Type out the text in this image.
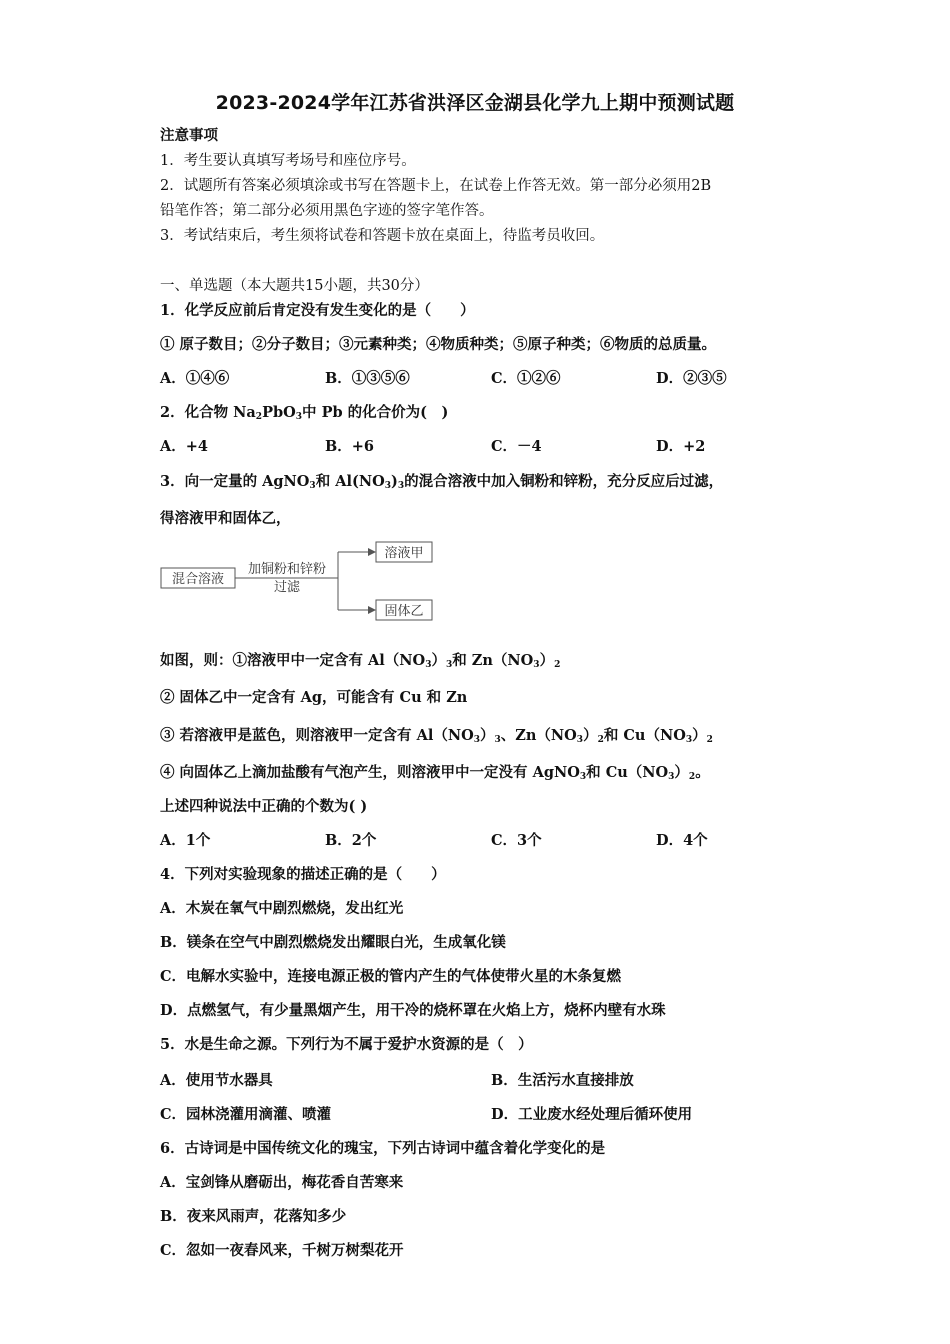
2023-2024学年江苏省洪泽区金湖县化学九上期中预测试题
注意事项
1．考生要认真填写考场号和座位序号。
2．试题所有答案必须填涂或书写在答题卡上，在试卷上作答无效。第一部分必须用2B
铅笔作答；第二部分必须用黑色字迹的签字笔作答。
3．考试结束后，考生须将试卷和答题卡放在桌面上，待监考员收回。
一、单选题（本大题共15小题，共30分）
1．化学反应前后肯定没有发生变化的是（　　）
① 原子数目；②分子数目；③元素种类；④物质种类；⑤原子种类；⑥物质的总质量。
A．①④⑥	B．①③⑤⑥	C．①②⑥	D．②③⑤
2．化合物 $Na_2PbO_3$中 Pb 的化合价为(　)
A．+4	B．+6	C．－4	D．+2
3．向一定量的 AgNO$_3$和 $Al(NO_3)_3$的混合溶液中加入铜粉和锌粉，充分反应后过滤，
得溶液甲和固体乙，
混合溶液
加铜粉和锌粉
过滤
溶液甲
固体乙
如图，则：①溶液甲中一定含有 $Al(NO_3)_3$和 $Zn(NO_3)_2$
② 固体乙中一定含有 Ag，可能含有 Cu 和 Zn
③ 若溶液甲是蓝色，则溶液甲一定含有 $Al(NO_3)_3$、$Zn(NO_3)_2$和 $Cu(NO_3)_2$
④ 向固体乙上滴加盐酸有气泡产生，则溶液甲中一定没有 AgNO$_3$和 $Cu(NO_3)_2$。
上述四种说法中正确的个数为( )
A．1个	B．2个	C．3个	D．4个
4．下列对实验现象的描述正确的是（　　）
A．木炭在氧气中剧烈燃烧，发出红光
B．镁条在空气中剧烈燃烧发出耀眼白光，生成氧化镁
C．电解水实验中，连接电源正极的管内产生的气体使带火星的木条复燃
D．点燃氢气，有少量黑烟产生，用干冷的烧杯罩在火焰上方，烧杯内壁有水珠
5．水是生命之源。下列行为不属于爱护水资源的是（　）
A．使用节水器具	B．生活污水直接排放
C．园林浇灌用滴灌、喷灌	D．工业废水经处理后循环使用
6．古诗词是中国传统文化的瑰宝，下列古诗词中蕴含着化学变化的是
A．宝剑锋从磨砺出，梅花香自苦寒来
B．夜来风雨声，花落知多少
C．忽如一夜春风来，千树万树梨花开
